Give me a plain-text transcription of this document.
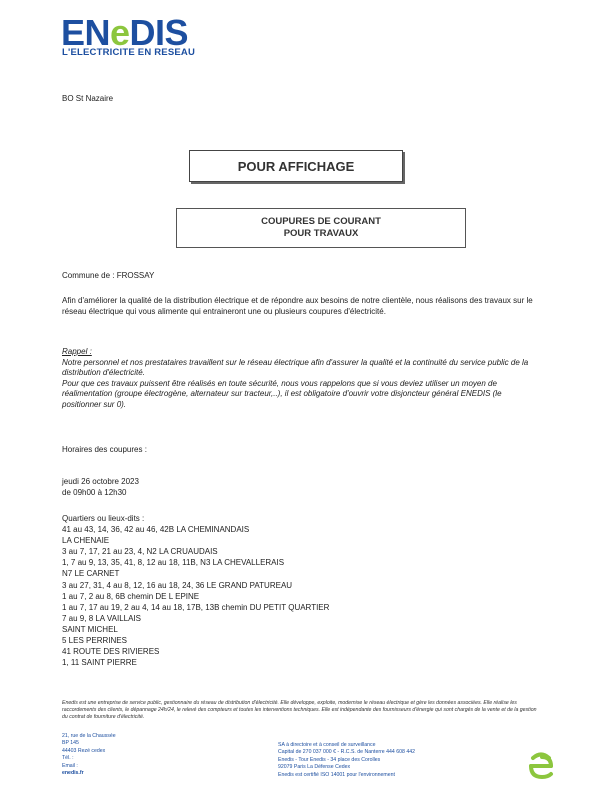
ENeDIS
L'ELECTRICITE EN RESEAU
BO St Nazaire
POUR AFFICHAGE
COUPURES DE COURANT
POUR TRAVAUX
Commune de : FROSSAY
Afin d'améliorer la qualité de la distribution électrique et de répondre aux besoins de notre clientèle, nous réalisons des travaux sur le réseau électrique qui vous alimente qui entraineront une ou plusieurs coupures d'électricité.
Rappel :
Notre personnel et nos prestataires travaillent sur le réseau électrique afin d'assurer la qualité et la continuité du service public de la distribution d'électricité.
Pour que ces travaux puissent être réalisés en toute sécurité, nous vous rappelons que si vous deviez utiliser un moyen de réalimentation (groupe électrogène, alternateur sur tracteur,..), il est obligatoire d'ouvrir votre disjoncteur général ENEDIS (le positionner sur 0).
Horaires des coupures :
jeudi 26 octobre 2023
de 09h00 à 12h30
Quartiers ou lieux-dits :
41 au 43, 14, 36, 42 au 46, 42B LA CHEMINANDAIS
LA CHENAIE
3 au 7, 17, 21 au 23, 4, N2 LA CRUAUDAIS
1, 7 au 9, 13, 35, 41, 8, 12 au 18, 11B, N3 LA CHEVALLERAIS
N7 LE CARNET
3 au 27, 31, 4 au 8, 12, 16 au 18, 24, 36 LE GRAND PATUREAU
1 au 7, 2 au 8, 6B chemin DE L EPINE
1 au 7, 17 au 19, 2 au 4, 14 au 18, 17B, 13B chemin DU PETIT QUARTIER
7 au 9, 8 LA VAILLAIS
SAINT MICHEL
5 LES PERRINES
41 ROUTE DES RIVIERES
1, 11 SAINT PIERRE
Enedis est une entreprise de service public, gestionnaire du réseau de distribution d'électricité. Elle développe, exploite, modernise le réseau électrique et gère les données associées. Elle réalise les raccordements des clients, le dépannage 24h/24, le relevé des compteurs et toutes les interventions techniques. Elle est indépendante des fournisseurs d'énergie qui sont chargés de la vente et de la gestion du contrat de fourniture d'électricité.
21, rue de la Chaussée
BP 145
44403 Rezé cedex
Tél. :
Email :
enedis.fr
SA à directoire et à conseil de surveillance
Capital de 270 037 000 € - R.C.S. de Nanterre 444 608 442
Enedis - Tour Enedis - 34 place des Corolles
92079 Paris La Défense Cedex
Enedis est certifié ISO 14001 pour l'environnement
